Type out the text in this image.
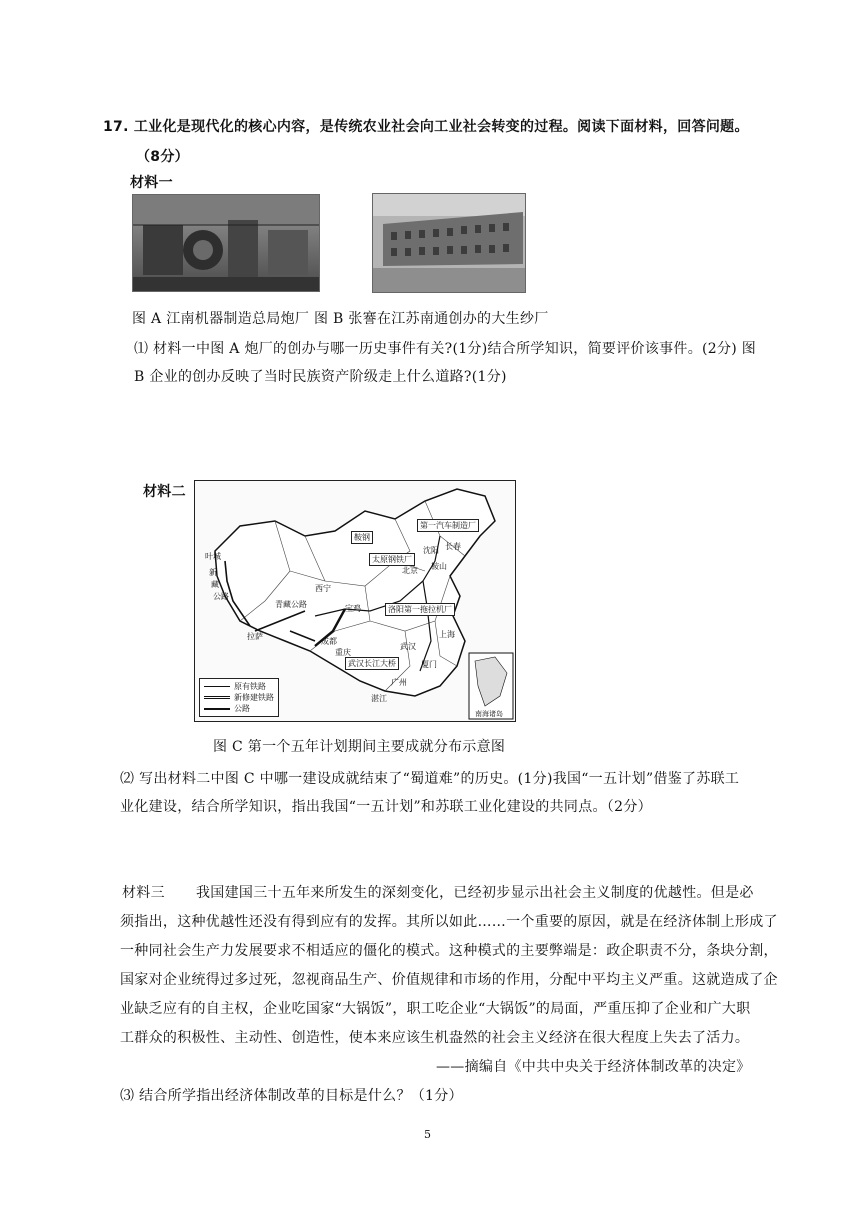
17. 工业化是现代化的核心内容，是传统农业社会向工业社会转变的过程。阅读下面材料，回答问题。
（8分）
材料一
图 A 江南机器制造总局炮厂 图 B 张謇在江苏南通创办的大生纱厂
⑴ 材料一中图 A 炮厂的创办与哪一历史事件有关?(1分)结合所学知识，简要评价该事件。(2分) 图
B 企业的创办反映了当时民族资产阶级走上什么道路?(1分)
材料二
第一汽车制造厂
鞍钢
沈阳 长春
鞍山
北京
太原钢铁厂
洛阳第一拖拉机厂
叶城
新
藏
公路
拉萨
宝鸡
成都
西宁
青藏公路
武汉长江大桥
武汉
上海
广州
厦门
湛江
重庆
原有铁路
新修建铁路
公路
南海诸岛
图 C 第一个五年计划期间主要成就分布示意图
⑵ 写出材料二中图 C 中哪一建设成就结束了“蜀道难”的历史。(1分)我国“一五计划”借鉴了苏联工
业化建设，结合所学知识，指出我国“一五计划”和苏联工业化建设的共同点。（2分）
材料三 我国建国三十五年来所发生的深刻变化，已经初步显示出社会主义制度的优越性。但是必
须指出，这种优越性还没有得到应有的发挥。其所以如此……一个重要的原因，就是在经济体制上形成了
一种同社会生产力发展要求不相适应的僵化的模式。这种模式的主要弊端是：政企职责不分，条块分割，
国家对企业统得过多过死，忽视商品生产、价值规律和市场的作用，分配中平均主义严重。这就造成了企
业缺乏应有的自主权，企业吃国家“大锅饭”，职工吃企业“大锅饭”的局面，严重压抑了企业和广大职
工群众的积极性、主动性、创造性，使本来应该生机盎然的社会主义经济在很大程度上失去了活力。
——摘编自《中共中央关于经济体制改革的决定》
⑶ 结合所学指出经济体制改革的目标是什么？（1分）
5
